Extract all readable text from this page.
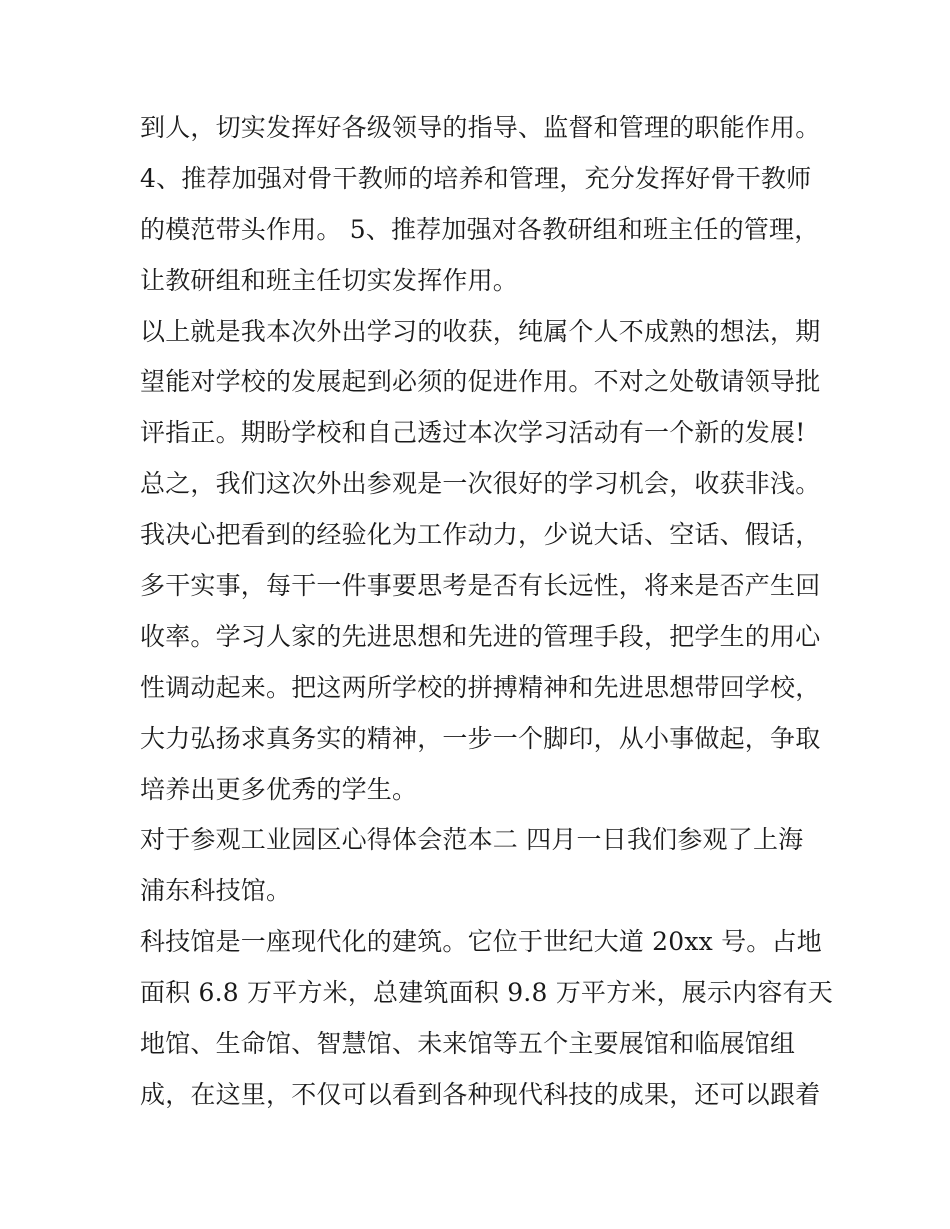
到人，切实发挥好各级领导的指导、监督和管理的职能作用。
4、推荐加强对骨干教师的培养和管理，充分发挥好骨干教师
的模范带头作用。 5、推荐加强对各教研组和班主任的管理，
让教研组和班主任切实发挥作用。
以上就是我本次外出学习的收获，纯属个人不成熟的想法，期
望能对学校的发展起到必须的促进作用。不对之处敬请领导批
评指正。期盼学校和自己透过本次学习活动有一个新的发展!
总之，我们这次外出参观是一次很好的学习机会，收获非浅。
我决心把看到的经验化为工作动力，少说大话、空话、假话，
多干实事，每干一件事要思考是否有长远性，将来是否产生回
收率。学习人家的先进思想和先进的管理手段，把学生的用心
性调动起来。把这两所学校的拼搏精神和先进思想带回学校，
大力弘扬求真务实的精神，一步一个脚印，从小事做起，争取
培养出更多优秀的学生。
对于参观工业园区心得体会范本二 四月一日我们参观了上海
浦东科技馆。
科技馆是一座现代化的建筑。它位于世纪大道 20xx 号。占地
面积 6.8 万平方米，总建筑面积 9.8 万平方米，展示内容有天
地馆、生命馆、智慧馆、未来馆等五个主要展馆和临展馆组
成，在这里，不仅可以看到各种现代科技的成果，还可以跟着
